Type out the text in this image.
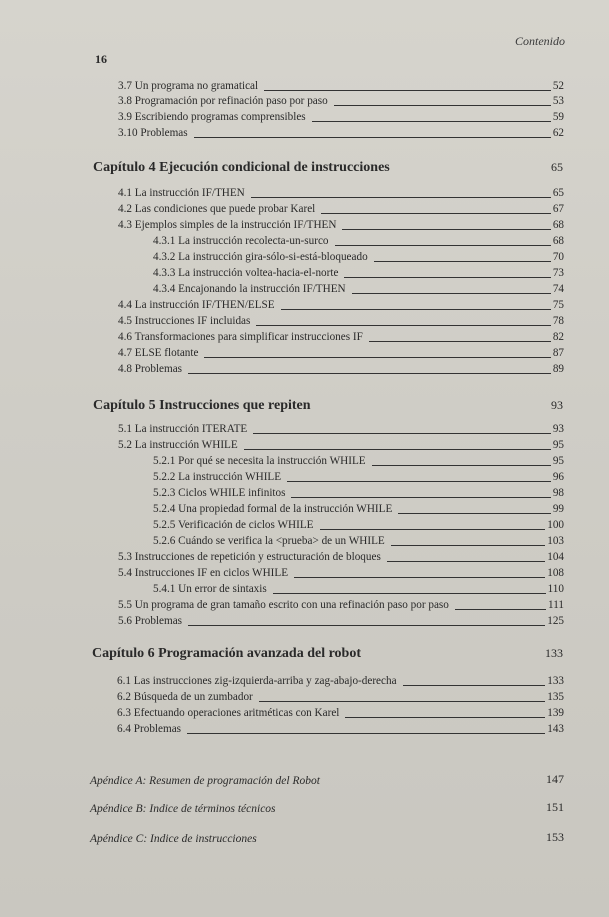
Contenido
16
3.7 Un programa no gramatical	52
3.8 Programación por refinación paso por paso	53
3.9 Escribiendo programas comprensibles	59
3.10 Problemas	62
Capítulo 4 Ejecución condicional de instrucciones	65
4.1 La instrucción IF/THEN	65
4.2 Las condiciones que puede probar Karel	67
4.3 Ejemplos simples de la instrucción IF/THEN	68
4.3.1 La instrucción recolecta-un-surco	68
4.3.2 La instrucción gira-sólo-si-está-bloqueado	70
4.3.3 La instrucción voltea-hacia-el-norte	73
4.3.4 Encajonando la instrucción IF/THEN	74
4.4 La instrucción IF/THEN/ELSE	75
4.5 Instrucciones IF incluidas	78
4.6 Transformaciones para simplificar instrucciones IF	82
4.7 ELSE flotante	87
4.8 Problemas	89
Capítulo 5 Instrucciones que repiten	93
5.1 La instrucción ITERATE	93
5.2 La instrucción WHILE	95
5.2.1 Por qué se necesita la instrucción WHILE	95
5.2.2 La instrucción WHILE	96
5.2.3 Ciclos WHILE infinitos	98
5.2.4 Una propiedad formal de la instrucción WHILE	99
5.2.5 Verificación de ciclos WHILE	100
5.2.6 Cuándo se verifica la <prueba> de un WHILE	103
5.3 Instrucciones de repetición y estructuración de bloques	104
5.4 Instrucciones IF en ciclos WHILE	108
5.4.1 Un error de sintaxis	110
5.5 Un programa de gran tamaño escrito con una refinación paso por paso	111
5.6 Problemas	125
Capítulo 6 Programación avanzada del robot	133
6.1 Las instrucciones zig-izquierda-arriba y zag-abajo-derecha	133
6.2 Búsqueda de un zumbador	135
6.3 Efectuando operaciones aritméticas con Karel	139
6.4 Problemas	143
Apéndice A: Resumen de programación del Robot	147
Apéndice B: Indice de términos técnicos	151
Apéndice C: Indice de instrucciones	153
